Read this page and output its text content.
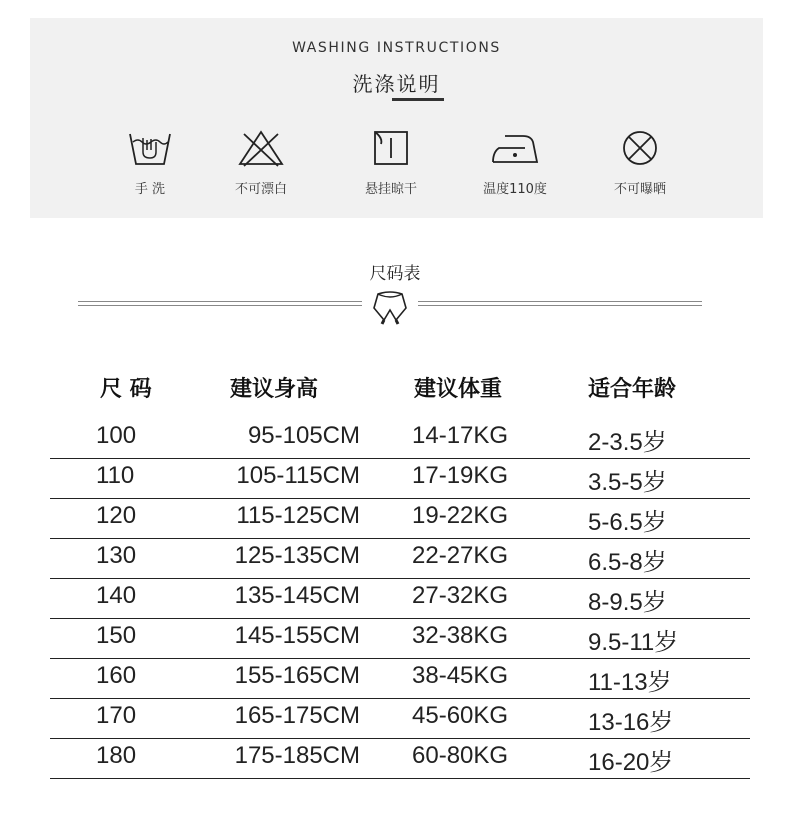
WASHING INSTRUCTIONS
洗涤说明
手 洗	不可漂白	悬挂晾干	温度110度	不可曝晒
尺码表
尺 码	建议身高	建议体重	适合年龄
100	95-105CM 14-17KG	2-3.5岁
110	105-115CM 17-19KG	3.5-5岁
120	115-125CM 19-22KG	5-6.5岁
130	125-135CM 22-27KG	6.5-8岁
140	135-145CM 27-32KG	8-9.5岁
150	145-155CM 32-38KG	9.5-11岁
160	155-165CM 38-45KG	11-13岁
170	165-175CM 45-60KG	13-16岁
180	175-185CM 60-80KG	16-20岁
